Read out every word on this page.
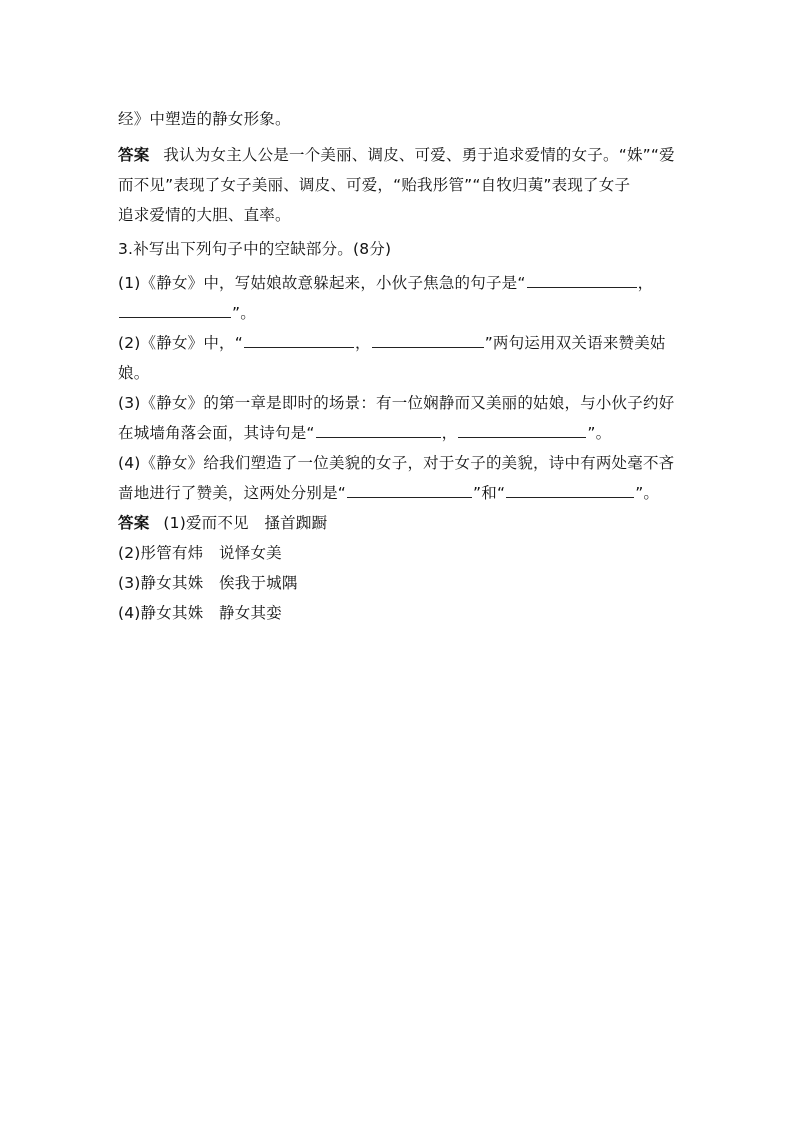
经》中塑造的静女形象。
答案 我认为女主人公是一个美丽、调皮、可爱、勇于追求爱情的女子。“姝”“爱
而不见”表现了女子美丽、调皮、可爱，“贻我彤管”“自牧归荑”表现了女子
追求爱情的大胆、直率。
3.补写出下列句子中的空缺部分。(8分)
(1)《静女》中，写姑娘故意躲起来，小伙子焦急的句子是“	，
”。
(2)《静女》中，“	，	”两句运用双关语来赞美姑
娘。
(3)《静女》的第一章是即时的场景：有一位娴静而又美丽的姑娘，与小伙子约好
在城墙角落会面，其诗句是“	，	”。
(4)《静女》给我们塑造了一位美貌的女子，对于女子的美貌，诗中有两处毫不吝
啬地进行了赞美，这两处分别是“	”和“	”。
答案 (1)爱而不见　搔首踟蹰
(2)彤管有炜　说怿女美
(3)静女其姝　俟我于城隅
(4)静女其姝　静女其娈
